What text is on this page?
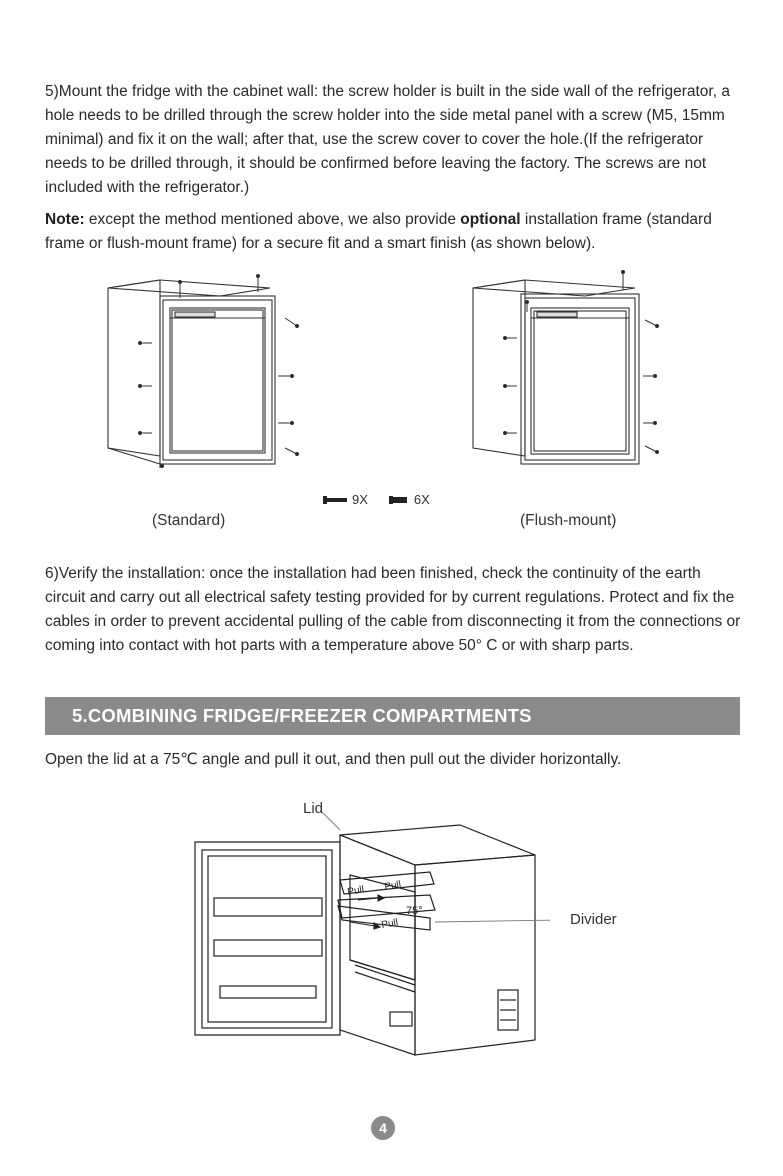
5)Mount the fridge with the cabinet wall: the screw holder is built in the side wall of the refrigerator, a hole needs to be drilled through the screw holder into the side metal panel with a screw (M5, 15mm minimal) and fix it on the wall; after that, use the screw cover to cover the hole.(If the refrigerator needs to be drilled through, it should be confirmed before leaving the factory. The screws are not included with the refrigerator.)

Note: except the method mentioned above, we also provide optional installation frame (standard frame or flush-mount frame) for a secure fit and a smart finish (as shown below).

9X	6X
(Standard)	(Flush-mount)

6)Verify the installation: once the installation had been finished, check the continuity of the earth circuit and carry out all electrical safety testing provided for by current regulations. Protect and fix the cables in order to prevent accidental pulling of the cable from disconnecting it from the connections or coming into contact with hot parts with a temperature above 50° C or with sharp parts.

5.COMBINING FRIDGE/FREEZER COMPARTMENTS

Open the lid at a 75℃ angle and pull it out, and then pull out the divider horizontally.

Pull Pull
Pull
75°
Lid
Divider
4
